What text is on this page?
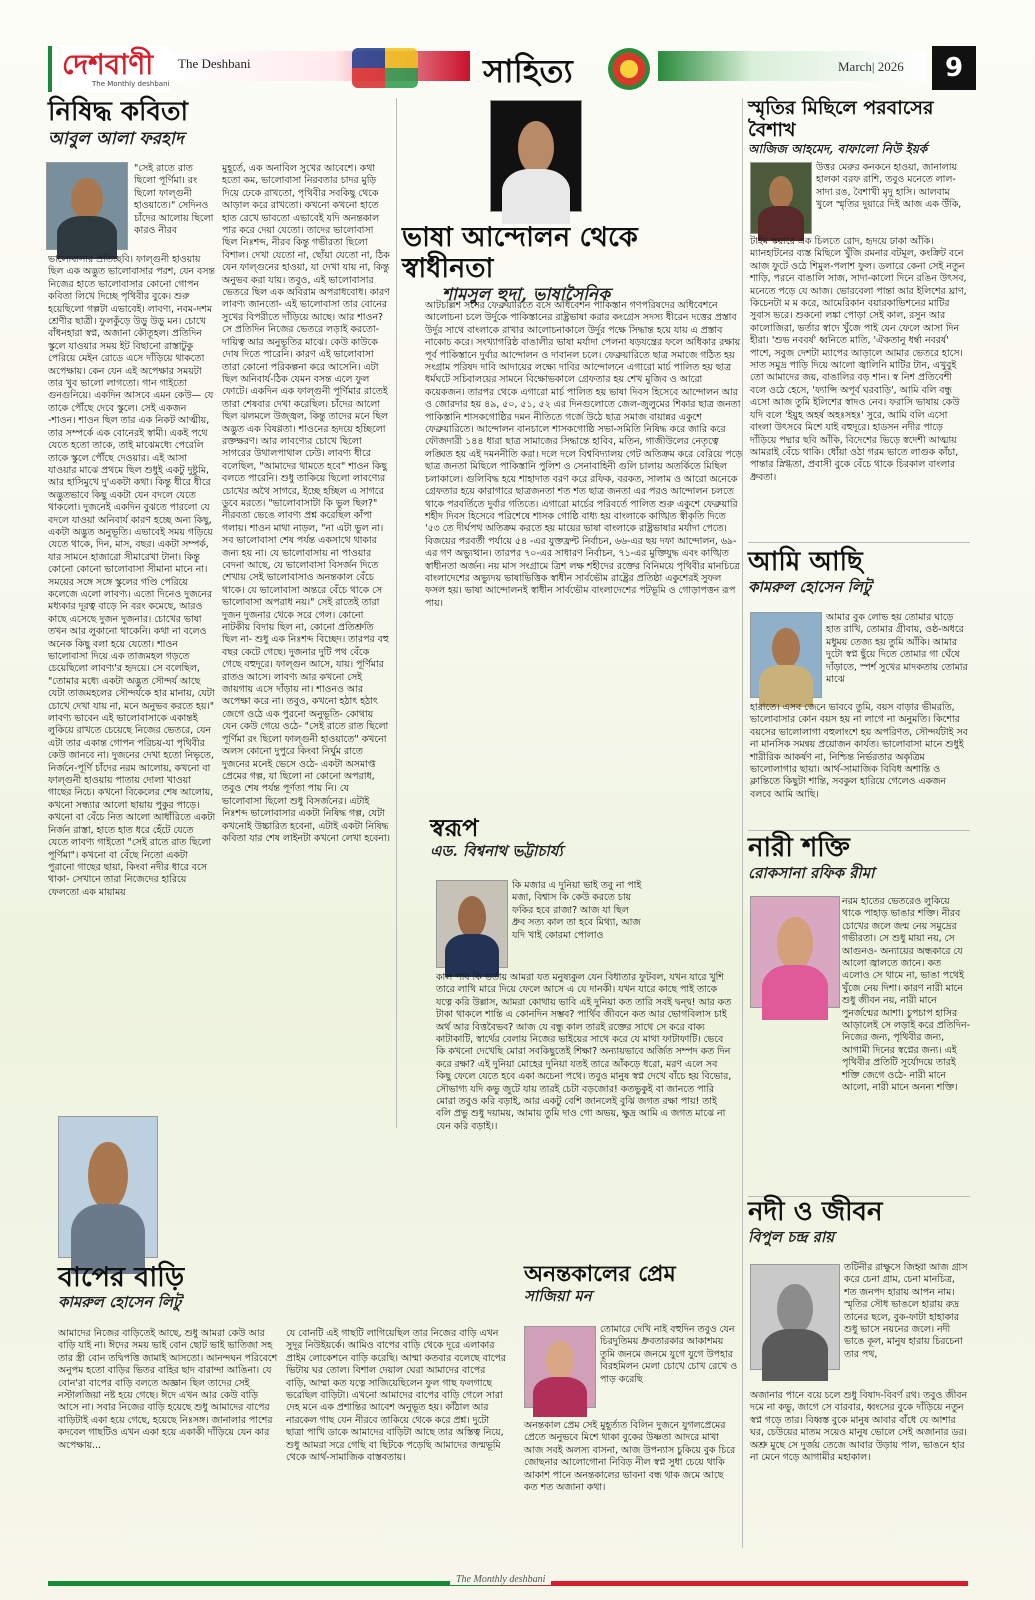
দেশবাণী
The Monthly deshbani
The Deshbani	সাহিত্য	March| 2026	9
নিষিদ্ধ কবিতা

আবুল আলা ফরহাদ

"সেই রাতে রাত ছিলো পূর্ণিমা। রং ছিলো ফাল্গুনী হাওয়াতে।" সেদিনও চাঁদের আলোয় ছিলো কারও নীরব

ভালোবাসার প্রতিচ্ছবি। ফাল্গুনী হাওয়ায় ছিল এক অদ্ভুত ভালোবাসার পরশ, যেন বসন্ত নিজের হাতে ভালোবাসার কোনো গোপন কবিতা লিখে দিচ্ছে পৃথিবীর বুকে। শুরু হয়েছিলো গল্পটা এভাবেই। লাবণ্য, নবম-দশম শ্রেণীর ছাত্রী। ফুলকুঁড়ে উড়ু উড়ু মন। চোখে বাঁধনহারা স্বপ্ন, অজানা কৌতূহল। প্রতিদিন স্কুলে যাওয়ার সময় ইট বিছানো রাস্তাটুকু পেরিয়ে মেইন রোডে এসে দাঁড়িয়ে থাকতো অপেক্ষায়। কেন যেন এই অপেক্ষার সময়টা তার খুব ভালো লাগতো। গান গাইতো গুনগুনিয়ে। একদিন আসবে এমন কেউ— যে তাকে পৌঁছে দেবে স্কুলে। সেই একজন -শাওন। শাওন ছিল তার এক নিকট আত্মীয়, তার সম্পর্কে এক বোনেরই স্বামী। একই পথে যেতে হতো তাকে, তাই মাঝেমধ্যে পেরেলি তাকে স্কুলে পৌঁছে দেওয়ার। এই আসা যাওয়ার মাঝে প্রথমে ছিল শুধুই একটু দুষ্টুমি, আর হাসিমুখে দু'একটা কথা। কিন্তু ধীরে ধীরে অদ্ভুতভাবে কিছু একটা যেন বদলে যেতে থাকলো। দুজনেই একদিন বুঝতে পারলো যে বদলে যাওয়া অনিবার্য কারণ হচ্ছে অন্য কিছু, একটা অদ্ভুত অনুভূতি। এভাবেই সময় গড়িয়ে যেতে থাকে, দিন, মাস, বছর। একটা সম্পর্ক, যার সামনে হাজারো সীমারেখা টানা। কিন্তু কোনো কোনো ভালোবাসা সীমানা মানে না। সময়ের সঙ্গে সঙ্গে স্কুলের গণ্ডি পেরিয়ে কলেজে এলো লাবণ্য। এতো দিনেও দুজনের মধ্যকার দূরত্ব বাড়ে নি বরং কমেছে, আরও কাছে এসেছে দুজন দুজনার। চোখের ভাষা তখন আর লুকানো থাকেনি। কথা না বলেও অনেক কিছু বলা হয়ে যেতো। শাওন ভালোবাসা দিয়ে এক তাজমহল গড়তে চেয়েছিলো লাবণ্য'র হৃদয়ে। সে বলেছিল, "তোমার মধ্যে একটা অদ্ভুত সৌন্দর্য আছে যেটা তাজমহলের সৌন্দর্যকে হার মানায়, যেটা চোখে দেখা যায় না, মনে অনুভব করতে হয়।" লাবণ্য ভাবেন এই ভালোবাসাকে একান্তই লুকিয়ে রাখতে চেয়েছে নিজের ভেতরে, যেন এটা তার একান্ত গোপন পরিচয়-যা পৃথিবীর কেউ জানবে না। দুজনের দেখা হতো নিভৃতে, নির্জনে-পূর্ণি চাঁদের নরম আলোয়, কখনো বা ফাল্গুনী হাওয়ায় পাতায় দোলা খাওয়া গাছের নিচে। কখনো বিকেলের শেষ আলোয়, কখনো সন্ধ্যার আলো ছায়ায় পুকুর পাড়ে। কখনো বা বেঁচে নিত আলো আধাঁরিতে একটা নির্জন রাস্তা, হাতে হাত ধরে হেঁটে যেতে যেতে লাবণ্য গাইতো "সেই রাতে রাত ছিলো পূর্ণিমা"। কখনো বা বেঁছে নিতো একটা পুরানো গাছের ছায়া, কিংবা নদীর ধারে বসে থাকা- সেখানে তারা নিজেদের হারিয়ে ফেলতো এক মায়াময়

মুহূর্তে, এক অনাবিল সুখের আবেশে। কথা হতো কম, ভালোবাসা নিরবতার চাদর মুড়ি দিয়ে ঢেকে রাখতো, পৃথিবীর সবকিছু থেকে আড়াল করে রাখতো। কখনো কখনো হাতে হাত রেখে ভাবতো এভাবেই যদি অনন্তকাল পার করে দেয়া যেতো। তাদের ভালোবাসা ছিল নিঃশব্দ, নীরব কিন্তু গভীরতা ছিলো বিশাল। দেখা যেতো না, ছোঁয়া যেতো না, ঠিক যেন ফাল্গুনের হাওয়া, যা দেখা যায় না, কিন্তু অনুভব করা যায়। তবুও, এই ভালোবাসার ভেতরে ছিল এক অবিরাম অপরাধবোধ। কারণ লাবণ্য জানতো- এই ভালোবাসা তার বোনের সুখের বিপরীতে দাঁড়িয়ে আছে। আর শাওন? সে প্রতিদিন নিজের ভেতরে লড়াই করতো- দায়িত্ব আর অনুভূতির মাঝে। কেউ কাউকে দোষ দিতে পারেনি। কারণ এই ভালোবাসা তারা কোনো পরিকল্পনা করে আসেনি। এটা ছিল অনিবার্য-ঠিক যেমন বসন্ত এলে ফুল ফোটে। একদিন এক ফাল্গুনী পূর্ণিমার রাতেই তারা শেষবার দেখা করেছিল। চাঁদের আলো ছিল ঝলমলে উজ্জ্বল, কিন্তু তাদের মনে ছিল অদ্ভুত এক বিষণ্ণতা। শাওনের হৃদয়ে হচ্ছিলো রক্তক্ষরণ। আর লাবণ্যের চোখে ছিলো সাগরের উথালপাথাল ঢেউ। লাবণ্য ধীরে বলেছিল, "আমাদের থামতে হবে" শাওন কিছু বলতে পারেনি। শুধু তাকিয়ে ছিলো লাবণ্যের চোখের অথৈ সাগরে, ইচ্ছে হচ্ছিল এ সাগরে ডুবে মরতে। "ভালোবাসাটা কি ভুল ছিল?" নীরবতা ভেঙে লাবণ্য প্রশ্ন করেছিল কাঁপা গলায়। শাওন মাথা নাড়ল, "না এটা ভুল না। সব ভালোবাসা শেষ পর্যন্ত একসাথে থাকার জন্য হয় না। যে ভালোবাসায় না পাওয়ার বেদনা আছে, যে ভালোবাসা বিসর্জন দিতে শেখায় সেই ভালোবাসাও অনন্তকাল বেঁচে থাকে। যে ভালোবাসা অন্তরে বেঁচে থাকে সে ভালোবাসা অপরাধ নয়।" সেই রাতেই তারা দুজন দুজনার থেকে সরে গেল। কোনো নাটকীয় বিদায় ছিল না, কোনো প্রতিশ্রুতি ছিল না- শুধু এক নিঃশব্দ বিচ্ছেদ। তারপর বহু বছর কেটে গেছে। দুজনার দুটি পথ বেঁকে গেছে বহুদূরে। ফাল্গুন আসে, যায়। পূর্ণিমার রাতও আসে। লাবণ্য আর কখনো সেই জায়গায় এসে দাঁড়ায় না। শাওনও আর অপেক্ষা করে না। তবুও, কখনো হঠাৎ হঠাৎ জেগে ওঠে এক পুরনো অনুভূতি- কোথায় যেন কেউ গেয়ে ওঠে- "সেই রাতে রাত ছিলো পূর্ণিমা রং ছিলো ফাল্গুনী হাওয়াতে" কখনো অলস কোনো দুপুরে কিংবা নির্ঘুম রাতে দুজনের মনেই ভেসে ওঠে- একটা অসমাপ্ত প্রেমের গল্প, যা ছিলো না কোনো অপরাধ, তবুও শেষ পর্যন্ত পূর্ণতা পায় নি। যে ভালোবাসা ছিলো শুধু বিসর্জনের। এটাই নিঃশব্দ ভালোবাসার একটা নিষিদ্ধ গল্প, যেটা কখনোই উচ্চারিত হবেনা, এটাই একটা নিষিদ্ধ কবিতা যার শেষ লাইনটা কখনো লেখা হবেনা।

ভাষা আন্দোলন থেকে স্বাধীনতা

শামসুল হুদা, ভাষাসৈনিক

আটচল্লিশ সনের ফেব্রুয়ারিতে বসে অধিবেশন পাকিস্তান গণপরিষদের অধিবেশনে আলোচনা চলে উর্দুকে পাকিস্তানের রাষ্ট্রভাষা করার কংগ্রেস সদস্য ধীরেন দত্তের প্রস্তাব উর্দুর সাথে বাংলাকে রাখার আলোচনাকালে উর্দুর পক্ষে সিদ্ধান্ত হয়ে যায় এ প্রস্তাব নাকোচ করে। সংখ্যাগরিষ্ঠ বাঙালীর ভাষা মর্যাদা পেলনা ষড়যন্ত্রের ফলে অধিকার রক্ষায় পূর্ব পাকিস্তানে দুর্বার আন্দোলন ও দাবানল চলে। ফেব্রুয়ারিতে ছাত্র সমাজে গঠিত হয় সংগ্রাম পরিষদ দাবি আদায়ের লক্ষ্যে দাবির আন্দোলনে এগারো মার্চ পালিত হয় ছাত্র ধর্মঘটে সচিবালয়ের সামনে বিক্ষোভকালে গ্রেফতার হয় শেখ মুজিব ও আরো কয়েকজন। তারপর থেকে এগারো মার্চ পালিত হয় ভাষা দিবস হিসেবে আন্দোলন আর ও জোরদার হয় ৪৯, ৫০, ৫১, ৫২ এর দিনগুলোতে জেল-জুলুমের শিকার ছাত্র জনতা পাকিস্তানি শাসকগোষ্ঠির দমন নীতিতে গর্জে উঠে ছাত্র সমাজ বায়ান্নর একুশে ফেব্রুয়ারিতে। আন্দোলন বানচালে শাসকগোষ্ঠি সভা-সমিতি নিষিদ্ধ করে জারি করে ফৌজদারী ১৪৪ ধারা ছাত্র সামাজের সিদ্ধান্তে হাবিব, মতিন, গাজীউলের নেতৃত্বে লঙ্ঘিত হয় এই দমননীতি করা। দলে দলে বিশ্ববিদ্যালয় গেট অতিক্রম করে বেরিয়ে পড়ে ছাত্র জনতা মিছিলে পাকিস্তানি পুলিশ ও সেনাবাহিনী গুলি চালায় অতর্কিতে মিছিল চলাকালে। গুলিবিদ্ধ হয়ে শাহাদাত বরণ করে রফিক, বরকত, সালাম ও আরো অনেকে গ্রেফতার হয়ে কারাগারে ছাত্রজনতা শত শত ছাত্র জনতা এর পরও আন্দোলন চলতে থাকে পরবর্তিতে দুর্বার গতিতে। এগারো মার্চের পরিবর্তে পালিত শুরু একুশে ফেব্রুয়ারি শহীদ দিবস হিসেবে পরিশেষে শাসক গোষ্ঠি বাধ্য হয় বাংলাকে কাঙ্খিত স্বীকৃতি দিতে '৫৩ তে দীর্ঘপথ অতিক্রম করতে হয় মায়ের ভাষা বাংলাকে রাষ্ট্রভাষার মর্যাদা পেতে। বিজয়ের পরবর্তী পর্যায়ে ৫৪ -এর যুক্তফ্রন্ট নির্বাচন, ৬৬-এর ছয় দফা আন্দোলন, ৬৯-এর গণ অভ্যুত্থান। তারপর ৭০-এর সাধারণ নির্বাচন, ৭১-এর মুক্তিযুদ্ধ এবং কাঙ্খিত স্বাধীনতা অর্জন। নয় মাস সংগ্রামে ত্রিশ লক্ষ শহীদের রক্তের বিনিময়ে পৃথিবীর মানচিত্রে বাংলাদেশের অভ্যুদয় ভাষাভিত্তিক স্বাধীন সার্বভৌম রাষ্ট্রের প্রতিষ্ঠা একুশেরই সুফল ফসল হয়। ভাষা আন্দোলনই স্বাধীন সার্বভৌম বাংলাদেশের পটভূমি ও গোড়াপত্তন রূপ পায়।

স্মৃতির মিছিলে পরবাসের বৈশাখ

আজিজ আহমেদ, বাফালো নিউ ইয়র্ক

উত্তর মেরুর কনকনে হাওয়া, জানালায় হালকা বরফ রাশি, তবুও মনেতে লাল-সাদা রঙ, বৈশাখী মৃদু হাসি। আলবাম খুলে স্মৃতির দুয়ারে দিই আজ এক উঁকি,

টাইম স্কয়ারে এক চিলতে রোদ, হৃদয়ে ঢাকা আঁকি। ম্যানহাটনের ব্যস্ত মিছিলে খুঁজি রমনার বটমূল, কংক্রিট বনে আজ ফুটে ওঠে শিমুল-পলাশ ফুল। ডলারে কেনা সেই নতুন শাড়ি, পরনে বাঙালি সাজ, সাদা-কালো দিনে রঙিন উৎসব, মনেতে পড়ে যে আজ। ভোরবেলা পান্তা আর ইলিশের ঘ্রাণ, কিচেনটা ম ম করে, আমেরিকান বয়ারকাভিশনের মাটির সুবাস ভরে। শুকনো লঙ্কা পোড়া সেই কাল, রসুন আর কালোজিরা, ভর্তার স্বাদে খুঁজে পাই যেন ফেলে আসা দিন হীরা। 'শুভ নববর্ষ' ধ্বনিতে মাতি, 'ঐকতানু ধর্ম্বা নবরর্ষ' পাশে, সবুজ দেশটা ম্যাপের আড়ালে আমার ভেতরে হাসে। সাত সমুদ্র পাড়ি দিয়ে আলো জ্বালিনি মাটির টান, এখুবুই তো আমাদের জয়, বাঙালির বড় শান। স্ব নিশ প্রতিবেশী বলে ওঠে হেসে, 'ফ্যান্সি অপূর্ব ঘরবাড়ি', আমি বলি বন্ধু এসো আজ তুমি ইলিশের স্বাদও নেব। ফরাসি ভাষায় কেউ যদি বলে 'ইয়ুহ অহর্ষ অহঃসহঃ' সুরে, আমি বলি এসো বাংলা উৎসবে মিশে যাই বহুদূরে। হাডসন নদীর পাড়ে দাঁড়িয়ে পদ্মার ছবি আঁকি, বিদেশের ভিড়ে স্বদেশী আত্মায় আমরাই বেঁচে থাকি। ধোঁয়া ওঠা গরম ভাতে লাগুক কাঁচা, পান্তার স্নিগ্ধতা, প্রবাসী বুকে বেঁচে থাকে চিরকাল বাংলার ধ্রুবতা।

আমি আছি

কামরুল হোসেন লিটু

আমার বুক লোভ হয় তোমার ঘাড়ে হাত রাখি, তোমার গ্রীবায়, ওষ্ঠ-অধরে মধুময় তেজ্য হয় তুমি আঁকি। আমার দুটো স্বপ্ন ছুঁয়ে দিতে তোমার গা ঘেঁষে দাঁড়াতে, স্পর্শ সুখের মাদকতায় তোমার মাঝে

হারাতে। এসব জেনে ভাববে তুমি, বয়স বাড়ার ভীমরতি, ভালোবাসার কোন বয়স হয় না লাগে না অনুমতি। কিশোর বয়সের ভালোলাগা বহুলাংশে হয় অপরিণত, সৌন্দর্যটাই সব না মানসিক সমন্বয় প্রয়োজন কার্যত। ভালোবাসা মানে শুধুই শারীরিক আকর্ষণ না, নিশ্চিন্ত নির্ভরতার অকৃত্রিম ভালোলাগার ছায়া। আর্থ-সামাজিক বিবিধ অশান্তি ও ক্লান্তিতে কিছুটা শান্তি, সবকুল হারিয়ে গেলেও একজন বলবে আমি আছি।

নারী শক্তি

রোকসানা রফিক রীমা

নরম হাতের ভেতরেও লুকিয়ে থাকে পাহাড় ভাঙার শক্তি। নীরব চোখের জলে জন্ম নেয় সমুদ্রের গভীরতা। সে শুধু মায়া নয়, সে আগুনও- অন্যায়ের অন্ধকারে যে আলো জ্বালতে জানে। কত এলোও সে থামে না, ভাঙা পথেই খুঁজে নেয় দিশা। কারণ নারী মানে শুধু জীবন নয়, নারী মানে পুনর্জন্মের আশা। চুপচাপ হাসির আড়ালেই সে লড়াই করে প্রতিদিন- নিজের জন্য, পৃথিবীর জন্য, আগামী দিনের স্বপ্নের জন্য। এই পৃথিবীর প্রতিটি সূর্যোদয়ে তারই শক্তি জেগে ওঠে- নারী মানে আলো, নারী মানে অনন্য শক্তি।

নদী ও জীবন

বিপুল চন্দ্র রায়

তটিনীর রাক্ষুসে জিহ্বা আজ গ্রাস করে চেনা গ্রাম, চেনা মানচিত্র, শত জনপদ হারায় আপন নাম। স্মৃতির সৌধ ভাঙলে হারায় রুদ্র তানের ছলে, বুক-ফাটা হাহাকার শুধু ভাসে নয়নের জলে। নদী ভাঙে কূল, মানুষ হারায় চিরচেনা তার পথ,

অজানার পানে বয়ে চলে শুধু বিষাদ-বিবর্ণ রথ। তবুও জীবন দমে না কভু, জাগে সে বারবার, ধ্বংসের বুকে দাঁড়িয়ে নতুন স্বপ্ন গড়ে তার। বিধ্বস্ত বুকে মানুষ আবার বাঁধে যে আশার ঘর, চেউয়ের মাতম সয়েও মানুষ ভোলে সেই অজানার ডর। অশ্রু মুছে সে দুর্জয় তেজে আবার উড়ায় পাল, ভাঙনে হার না মেনে গড়ে আগামীর মহাকাল।

স্বরূপ

এড. বিশ্বনাথ ভট্টাচার্য্য

কি মজার এ দুনিয়া ভাই তবু না পাই মজা, বিশ্বাস কি কেউ করতে চায় ফকির হবে রাজা? আজ যা ছিল ধ্রুব সত্য কাল তা হবে মিথ্যা, আজ যদি খাই কোরমা পোলাও

কাল পাব কি ভর্তায় আমরা যত মনুষ্যকুল যেন বিধাতার ফুটবল, যখন যারে খুশি তারে লাথি মারে দিয়ে ফেলে আসে এ যে দানকী। যখন যারে কাছে পাই তাকে যত্নে করি উল্লাস, আমরা কোথায় ভাবি এই দুনিয়া কত তারি সবই দ্বন্দ্ব! আর কত টাকা থাকলে শান্তি এ কোনদিন সম্ভব? পার্থিব জীবনে কত আর ভোগবিলাস চাই অর্থ আর বিত্তবৈভব? আজ যে বন্ধু কাল তারই রক্তের সাথে সে করে বাক্য কাটাকাটি, স্বার্থের বেলায় নিজের ভাইয়ের সাথে করে যে মাথা ফাটাফাটি। ভেবে কি কখনো দেখেছি মোরা সবকিছুতেই শিক্ষা? অন্যায়ভাবে অর্জিত সম্পদ কত দিন করে রক্ষা? এই দুনিয়া মোহের দুনিয়া যতই তারে আঁকড়ে ধরো, মরণ এলে সব কিছু ফেলে যেতে হবে একা অচেনা পথে। তবুও মানুষ স্বপ্ন দেখে বাঁচে হয় বিভোর, সৌভাগ্য যদি কভু জুটে যায় তারই চেটা বড়জোর! কতভুকুই বা জানতে পারি মোরা তবুও করি বড়াই, আর একটু বেশি জানলেই বুঝি জগত রক্ষা পায়! তাই বলি প্রভু শুধু দয়াময়, আমায় তুমি দাও গো অভয়, ক্ষুদ্র আমি এ জগত মাঝে না যেন করি বড়াই।।

বাপের বাড়ি

কামরুল হোসেন লিটু

আমাদের নিজের বাড়িতেই আছে, শুধু আমরা কেউ আর বাড়ি যাই না। ঈদের সময় ভাই বোন ছোট ভাই ভাতিজা সহ তার স্ত্রী বোন তদ্বিপত্তি জামাই আসতো। আনন্দঘন পরিবেশে অনুপম হতো বাড়ির ভিতর বাহির ছাদ বারান্দা আঙিনা। যে বোন'রা বাপের বাড়ি বলতে অজ্ঞান ছিল তাদের সেই নস্টালজিয়া নষ্ট হয়ে গেছে। ঈদে এখন আর কেউ বাড়ি আসে না। সবার নিজের বাড়ি হয়েছে শুধু আমাদের বাপের বাড়িটাই একা হয়ে গেছে, হয়েছে নিঃসঙ্গ। জানালার পাশের কদবেল গাছটিও এখন একা হয়ে একাকী দাঁড়িয়ে যেন কার অপেক্ষায়...

যে বোনটি এই গাছটি লাগিয়েছিল তার নিজের বাড়ি এখন সুদূর নিউইয়র্কে। আমিও বাপের বাড়ি থেকে দূরে এলাকার প্রাইম লোকেশনে বাড়ি করেছি। আম্মা কতবার বলেছে বাপের ভিটায় ঘর তোল। বিশাল দেয়াল ঘেরা আমাদের বাপের বাড়ি, আম্মা কত যত্নে সাজিয়েছিলেন ফুল গাছ ফলগাছে ভরেছিল বাড়িটা। এখনো আমাদের বাপের বাড়ি গেলে সারা দেহ মনে এক প্রশান্তির আবেশ অনুভূত হয়। কাঁঠাল আর নারকেল গাছ যেন নীরবে তাকিয়ে থেকে করে প্রশ্ন। দুটো ছাত্রা পাখি ডাকে আমাদের বাড়িটা আছে তার অস্তিত্ব নিয়ে, শুধু আমরা সরে গেছি বা ছিটকে পড়েছি আমাদের জন্মভূমি থেকে আর্থ-সামাজিক বাস্তবতায়।

অনন্তকালের প্রেম

সাজিয়া মন

তোমারে দেখি নাই বহুদিন তবুও যেন চিরদুতিময় ধ্রুবতারকার আকাশময় তুমি জনমে জনমে যুগে যুগে উপহার বিরহমিলন মেলা চোখে চোখ রেখে ও পাড় করেছি

অনন্তকাল প্রেম সেই মুহূর্ত্যত বিলিন দুজনে যুগলপ্রেমের প্রেতে অনুভবে মিশে থাকা বুকের উষ্ণতা আদরে মাখা আজ সবই অলস্য বাসনা, আজ উপন্যাস চুকিয়ে বুক চিরে জোছনার আলোগোনা নিবিড় নীল স্বপ্ন সুধা চেয়ে থাকি আকাশ পানে অনন্তকালের ভাবনা বন্ধ থাক জমে আছে কত শত অজানা কথা।

The Monthly deshbani
